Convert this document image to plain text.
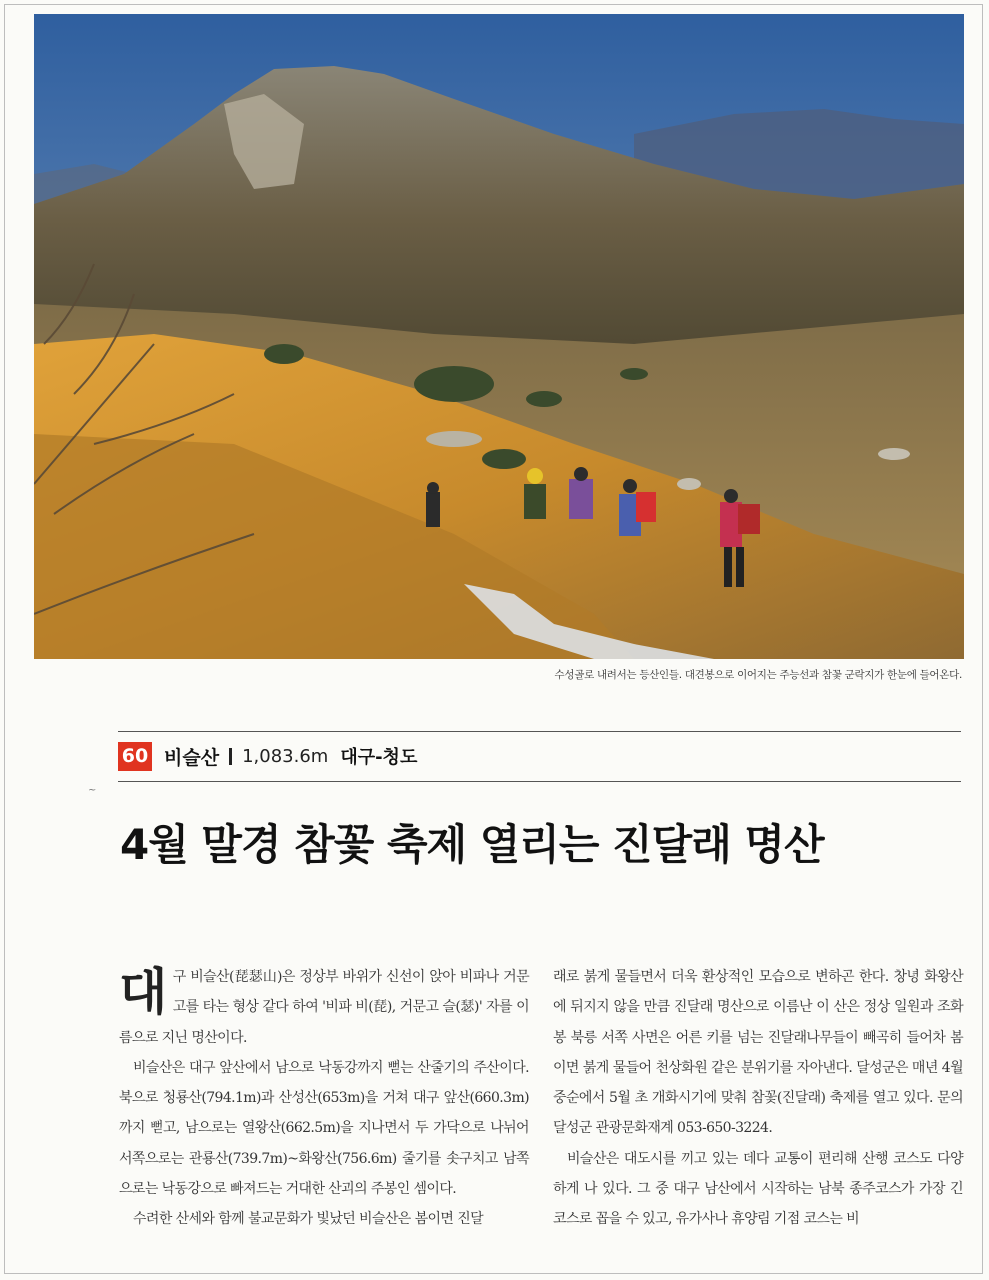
수성골로 내려서는 등산인들. 대견봉으로 이어지는 주능선과 참꽃 군락지가 한눈에 들어온다.
60 비슬산 1,083.6m 대구-청도
~
4월 말경 참꽃 축제 열리는 진달래 명산

대구 비슬산(琵瑟山)은 정상부 바위가 신선이 앉아 비파나 거문고를 타는 형상 같다 하여 '비파 비(琵), 거문고 슬(瑟)' 자를 이름으로 지닌 명산이다.

비슬산은 대구 앞산에서 남으로 낙동강까지 뻗는 산줄기의 주산이다. 북으로 청룡산(794.1m)과 산성산(653m)을 거쳐 대구 앞산(660.3m)까지 뻗고, 남으로는 열왕산(662.5m)을 지나면서 두 가닥으로 나뉘어 서쪽으로는 관룡산(739.7m)~화왕산(756.6m) 줄기를 솟구치고 남쪽으로는 낙동강으로 빠져드는 거대한 산괴의 주봉인 셈이다.

수려한 산세와 함께 불교문화가 빛났던 비슬산은 봄이면 진달

래로 붉게 물들면서 더욱 환상적인 모습으로 변하곤 한다. 창녕 화왕산에 뒤지지 않을 만큼 진달래 명산으로 이름난 이 산은 정상 일원과 조화봉 북릉 서쪽 사면은 어른 키를 넘는 진달래나무들이 빼곡히 들어차 봄이면 붉게 물들어 천상화원 같은 분위기를 자아낸다. 달성군은 매년 4월 중순에서 5월 초 개화시기에 맞춰 참꽃(진달래) 축제를 열고 있다. 문의 달성군 관광문화재계 053-650-3224.

비슬산은 대도시를 끼고 있는 데다 교통이 편리해 산행 코스도 다양하게 나 있다. 그 중 대구 남산에서 시작하는 남북 종주코스가 가장 긴 코스로 꼽을 수 있고, 유가사나 휴양림 기점 코스는 비
